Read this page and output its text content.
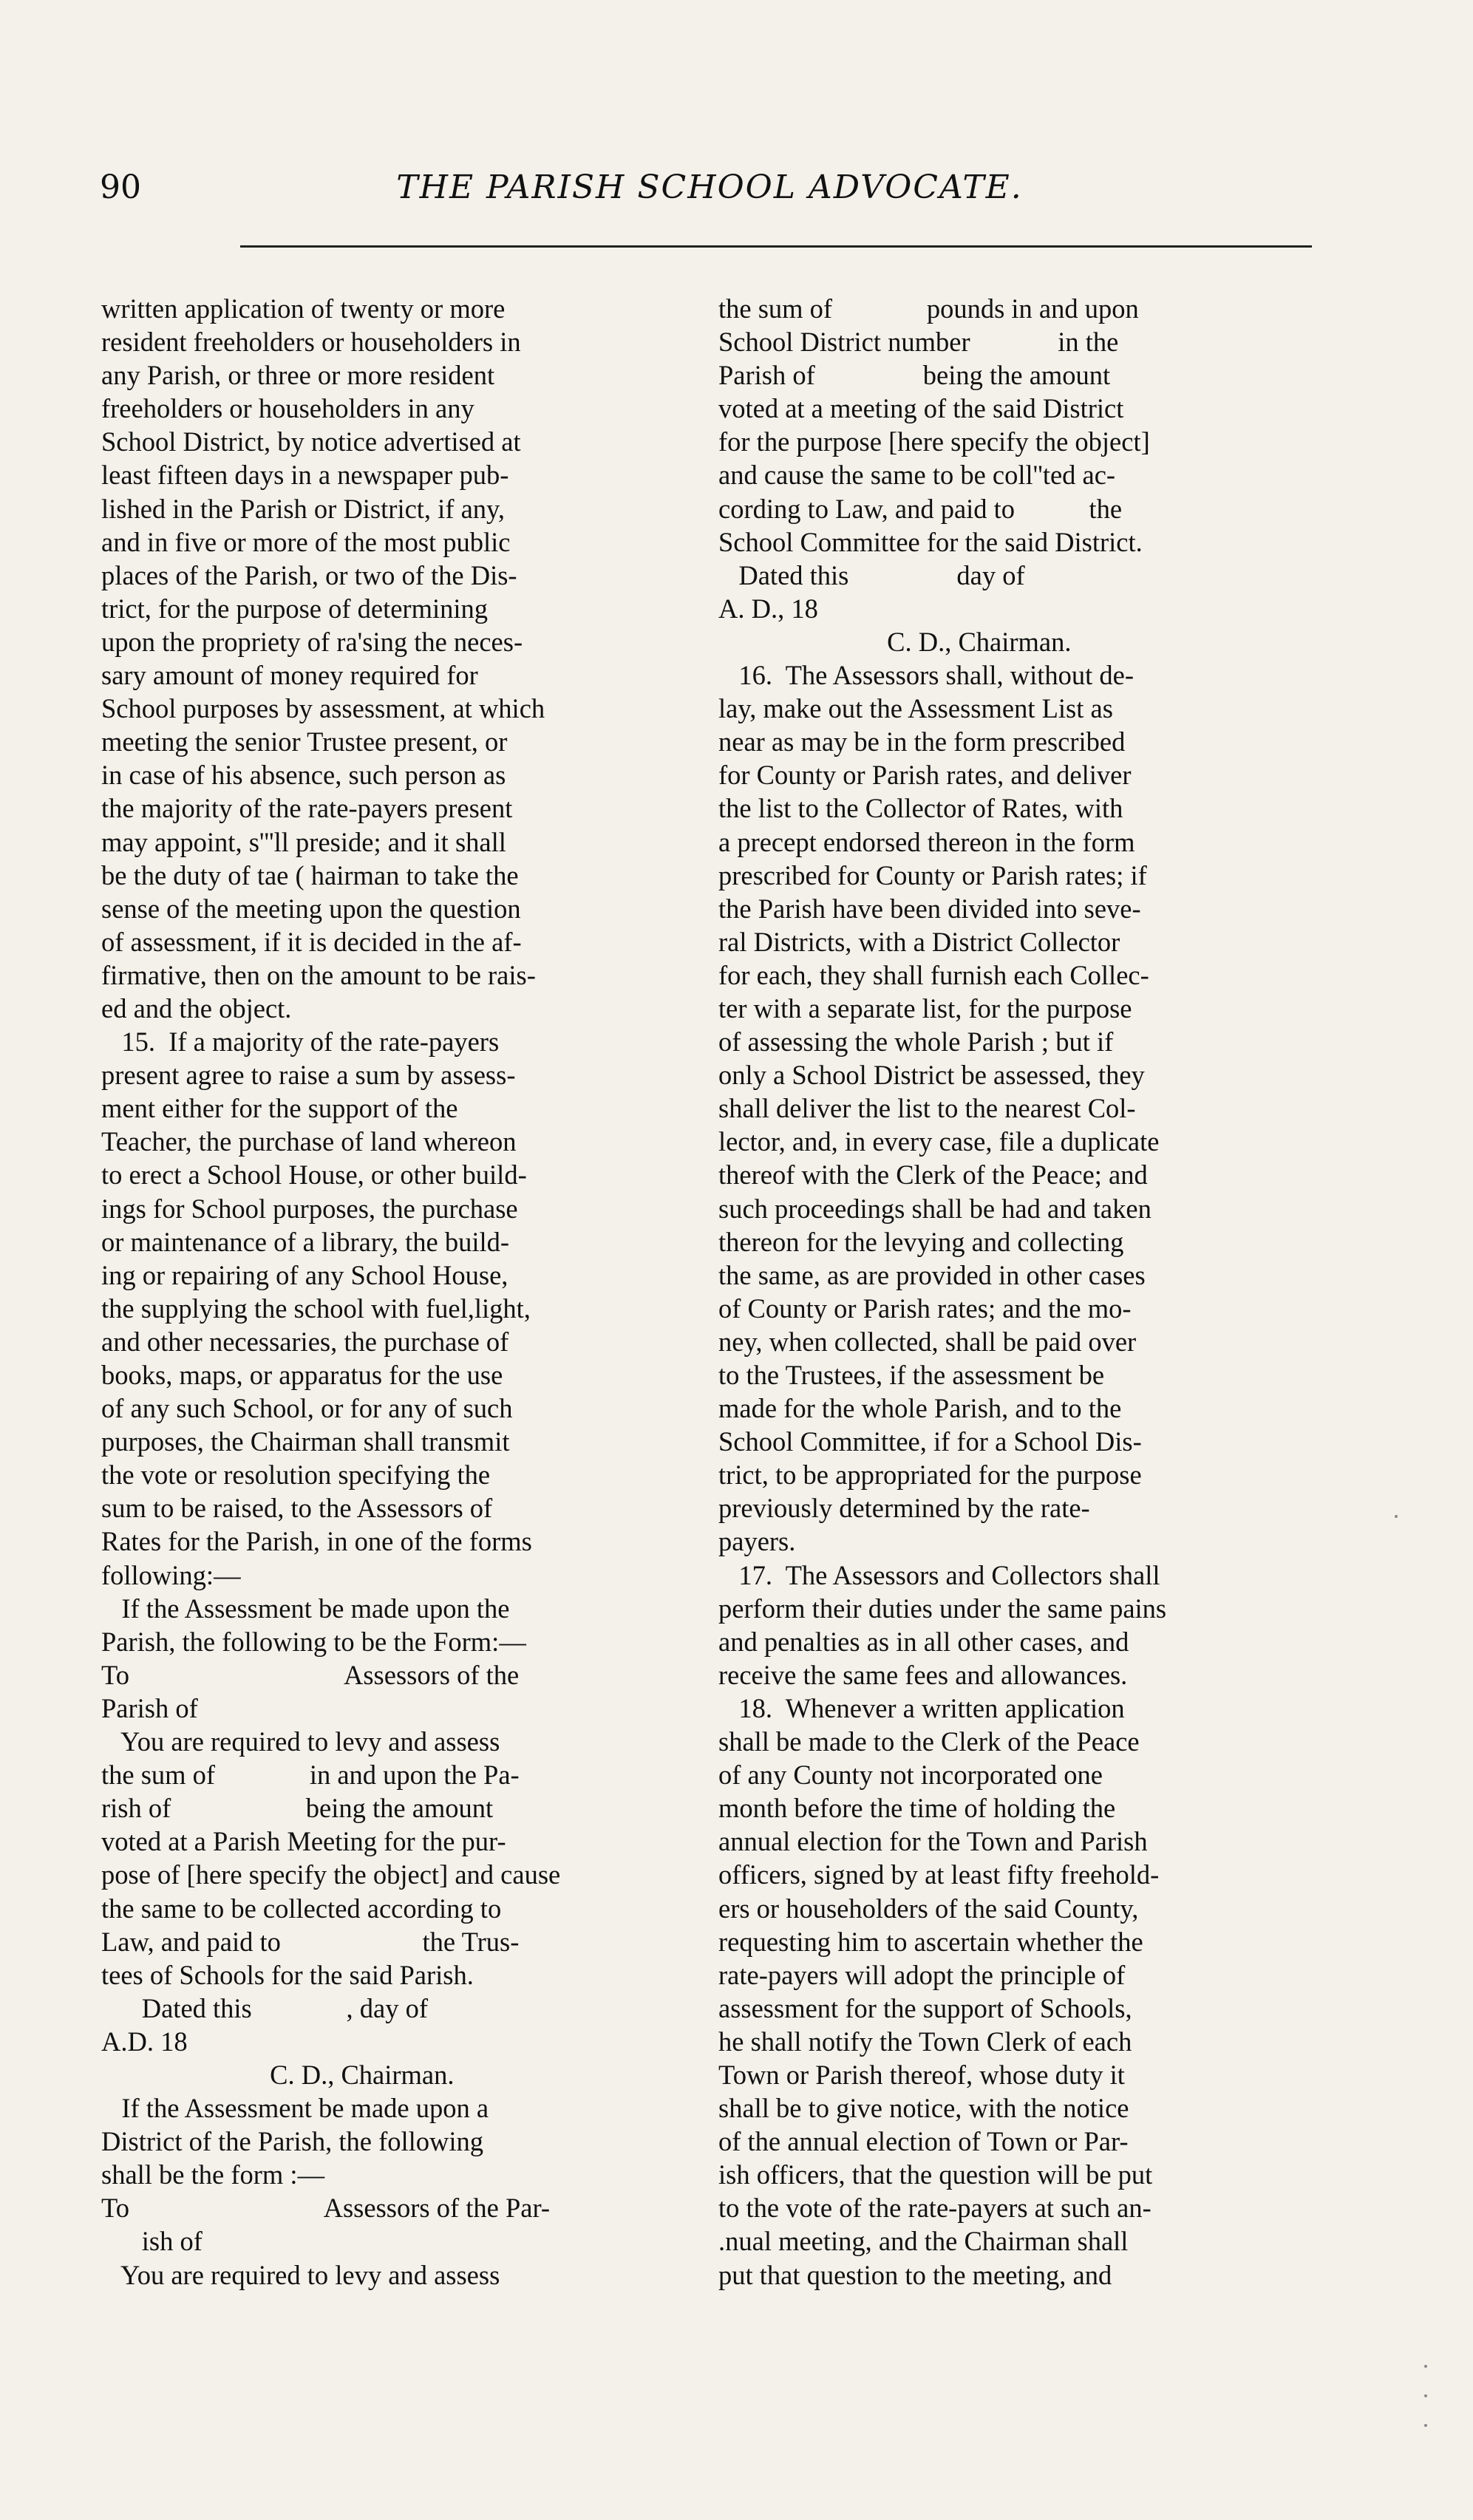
90	THE PARISH SCHOOL ADVOCATE.
written application of twenty or more
resident freeholders or householders in
any Parish, or three or more resident
freeholders or householders in any
School District, by notice advertised at
least fifteen days in a newspaper pub-
lished in the Parish or District, if any,
and in five or more of the most public
places of the Parish, or two of the Dis-
trict, for the purpose of determining
upon the propriety of ra'sing the neces-
sary amount of money required for
School purposes by assessment, at which
meeting the senior Trustee present, or
in case of his absence, such person as
the majority of the rate-payers present
may appoint, s'''ll preside; and it shall
be the duty of tae ( hairman to take the
sense of the meeting upon the question
of assessment, if it is decided in the af-
firmative, then on the amount to be rais-
ed and the object.
15.  If a majority of the rate-payers
present agree to raise a sum by assess-
ment either for the support of the
Teacher, the purchase of land whereon
to erect a School House, or other build-
ings for School purposes, the purchase
or maintenance of a library, the build-
ing or repairing of any School House,
the supplying the school with fuel,light,
and other necessaries, the purchase of
books, maps, or apparatus for the use
of any such School, or for any of such
purposes, the Chairman shall transmit
the vote or resolution specifying the
sum to be raised, to the Assessors of
Rates for the Parish, in one of the forms
following:—
If the Assessment be made upon the
Parish, the following to be the Form:—
To                                Assessors of the
Parish of
You are required to levy and assess
the sum of              in and upon the Pa-
rish of                    being the amount
voted at a Parish Meeting for the pur-
pose of [here specify the object] and cause
the same to be collected according to
Law, and paid to                     the Trus-
tees of Schools for the said Parish.
Dated this              , day of
A.D. 18
C. D., Chairman.
If the Assessment be made upon a
District of the Parish, the following
shall be the form :—
To                             Assessors of the Par-
ish of
You are required to levy and assess
the sum of              pounds in and upon
School District number             in the
Parish of                being the amount
voted at a meeting of the said District
for the purpose [here specify the object]
and cause the same to be coll''ted ac-
cording to Law, and paid to           the
School Committee for the said District.
Dated this                day of
A. D., 18
C. D., Chairman.
16.  The Assessors shall, without de-
lay, make out the Assessment List as
near as may be in the form prescribed
for County or Parish rates, and deliver
the list to the Collector of Rates, with
a precept endorsed thereon in the form
prescribed for County or Parish rates; if
the Parish have been divided into seve-
ral Districts, with a District Collector
for each, they shall furnish each Collec-
ter with a separate list, for the purpose
of assessing the whole Parish ; but if
only a School District be assessed, they
shall deliver the list to the nearest Col-
lector, and, in every case, file a duplicate
thereof with the Clerk of the Peace; and
such proceedings shall be had and taken
thereon for the levying and collecting
the same, as are provided in other cases
of County or Parish rates; and the mo-
ney, when collected, shall be paid over
to the Trustees, if the assessment be
made for the whole Parish, and to the
School Committee, if for a School Dis-
trict, to be appropriated for the purpose
previously determined by the rate-
payers.
17.  The Assessors and Collectors shall
perform their duties under the same pains
and penalties as in all other cases, and
receive the same fees and allowances.
18.  Whenever a written application
shall be made to the Clerk of the Peace
of any County not incorporated one
month before the time of holding the
annual election for the Town and Parish
officers, signed by at least fifty freehold-
ers or householders of the said County,
requesting him to ascertain whether the
rate-payers will adopt the principle of
assessment for the support of Schools,
he shall notify the Town Clerk of each
Town or Parish thereof, whose duty it
shall be to give notice, with the notice
of the annual election of Town or Par-
ish officers, that the question will be put
to the vote of the rate-payers at such an-
.nual meeting, and the Chairman shall
put that question to the meeting, and
